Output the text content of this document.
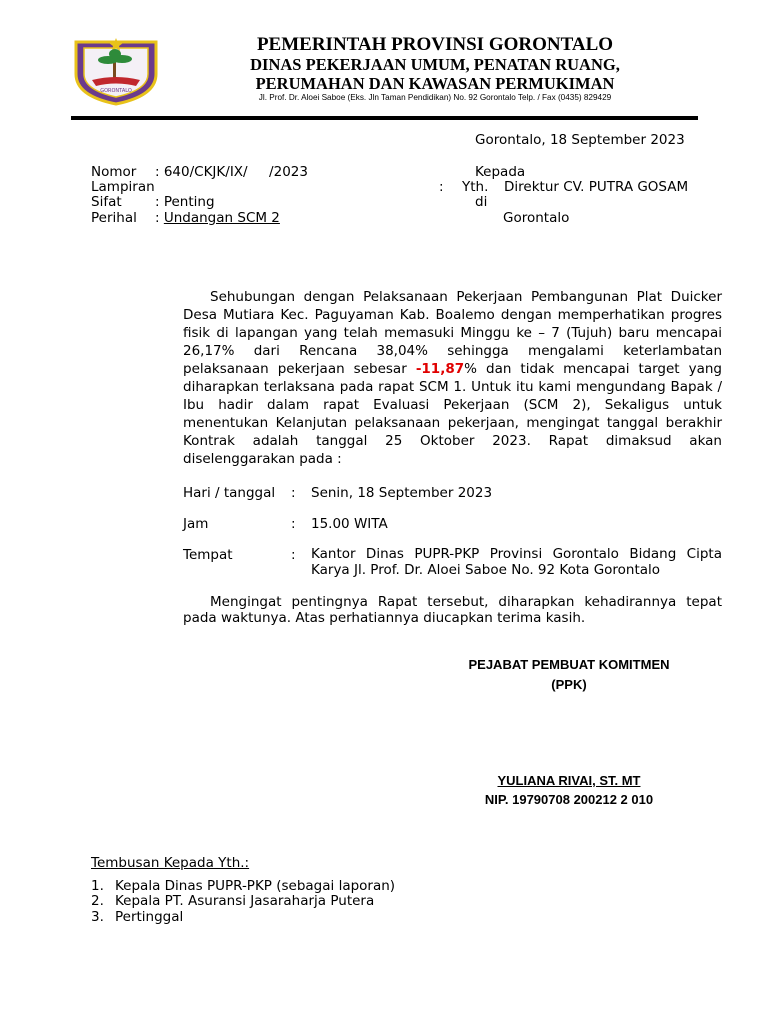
GORONTALO
PEMERINTAH PROVINSI GORONTALO
DINAS PEKERJAAN UMUM, PENATAN RUANG,
PERUMAHAN DAN KAWASAN PERMUKIMAN
Jl. Prof. Dr. Aloei Saboe (Eks. Jln Taman Pendidikan) No. 92 Gorontalo Telp. / Fax (0435) 829429
Gorontalo, 18 September 2023
Nomor : 640/CKJK/IX/     /2023
Lampiran	:
Sifat : Penting
Perihal : Undangan SCM 2
Kepada
Yth. Direktur CV. PUTRA GOSAM
di
Gorontalo
Sehubungan dengan Pelaksanaan Pekerjaan Pembangunan Plat Duicker Desa Mutiara Kec. Paguyaman Kab. Boalemo dengan memperhatikan progres fisik di lapangan yang telah memasuki Minggu ke – 7 (Tujuh) baru mencapai 26,17% dari Rencana 38,04% sehingga mengalami keterlambatan pelaksanaan pekerjaan sebesar -11,87% dan tidak mencapai target yang diharapkan terlaksana pada rapat SCM 1. Untuk itu kami mengundang Bapak / Ibu hadir dalam rapat Evaluasi Pekerjaan (SCM 2), Sekaligus untuk menentukan Kelanjutan pelaksanaan pekerjaan, mengingat tanggal berakhir Kontrak adalah tanggal 25 Oktober 2023. Rapat dimaksud akan diselenggarakan pada :
Hari / tanggal : Senin, 18 September 2023
Jam	: 15.00 WITA
Tempat	: Kantor Dinas PUPR-PKP Provinsi Gorontalo Bidang Cipta Karya Jl. Prof. Dr. Aloei Saboe No. 92 Kota Gorontalo
Mengingat pentingnya Rapat tersebut, diharapkan kehadirannya tepat pada waktunya. Atas perhatiannya diucapkan terima kasih.
PEJABAT PEMBUAT KOMITMEN
(PPK)
YULIANA RIVAI, ST. MT
NIP. 19790708 200212 2 010
Tembusan Kepada Yth.:
1. Kepala Dinas PUPR-PKP (sebagai laporan)
2. Kepala PT. Asuransi Jasaraharja Putera
3. Pertinggal
